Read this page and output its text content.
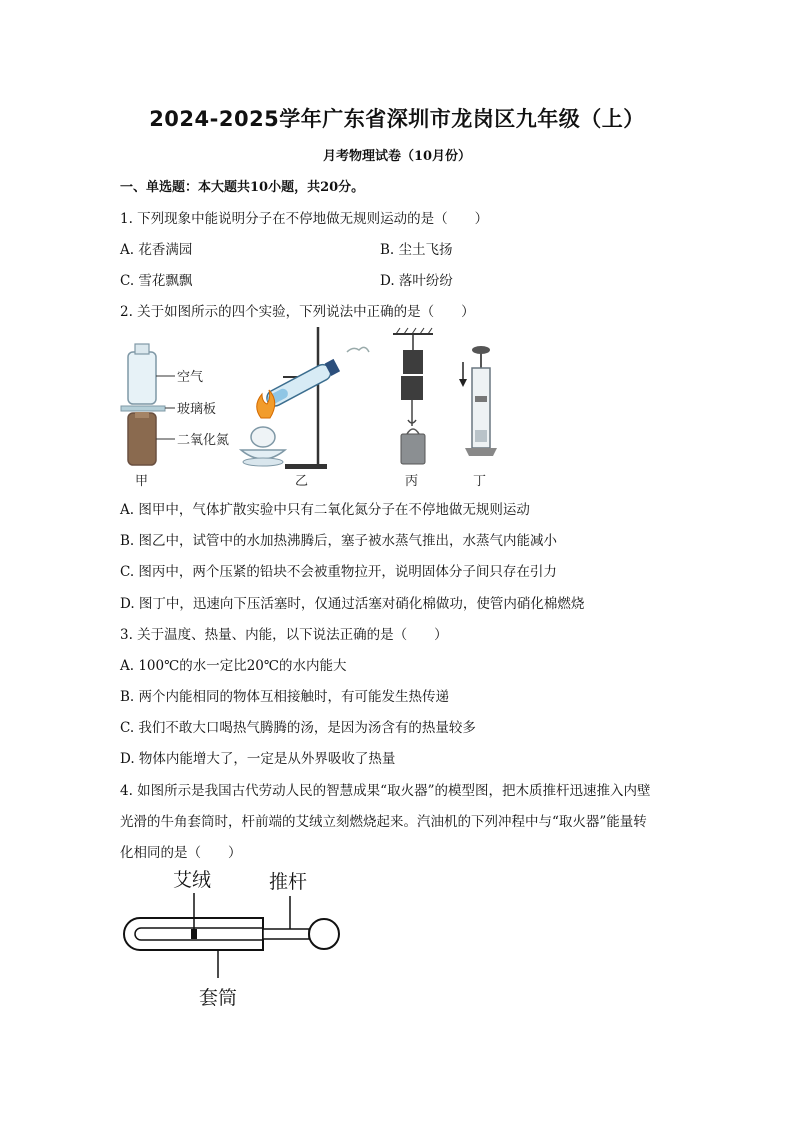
2024-2025学年广东省深圳市龙岗区九年级（上）
月考物理试卷（10月份）
一、单选题：本大题共10小题，共20分。
1. 下列现象中能说明分子在不停地做无规则运动的是（　　）
A. 花香满园	B. 尘土飞扬
C. 雪花飘飘	D. 落叶纷纷
2. 关于如图所示的四个实验，下列说法中正确的是（　　）
空气
玻璃板
二氧化氮
甲	乙	丙	丁
A. 图甲中，气体扩散实验中只有二氧化氮分子在不停地做无规则运动
B. 图乙中，试管中的水加热沸腾后，塞子被水蒸气推出，水蒸气内能减小
C. 图丙中，两个压紧的铅块不会被重物拉开，说明固体分子间只存在引力
D. 图丁中，迅速向下压活塞时，仅通过活塞对硝化棉做功，使管内硝化棉燃烧
3. 关于温度、热量、内能，以下说法正确的是（　　）
A. 100℃的水一定比20℃的水内能大
B. 两个内能相同的物体互相接触时，有可能发生热传递
C. 我们不敢大口喝热气腾腾的汤，是因为汤含有的热量较多
D. 物体内能增大了，一定是从外界吸收了热量
4. 如图所示是我国古代劳动人民的智慧成果“取火器”的模型图，把木质推杆迅速推入内壁
光滑的牛角套筒时，杆前端的艾绒立刻燃烧起来。汽油机的下列冲程中与“取火器”能量转
化相同的是（　　）
艾绒	推杆
套筒
